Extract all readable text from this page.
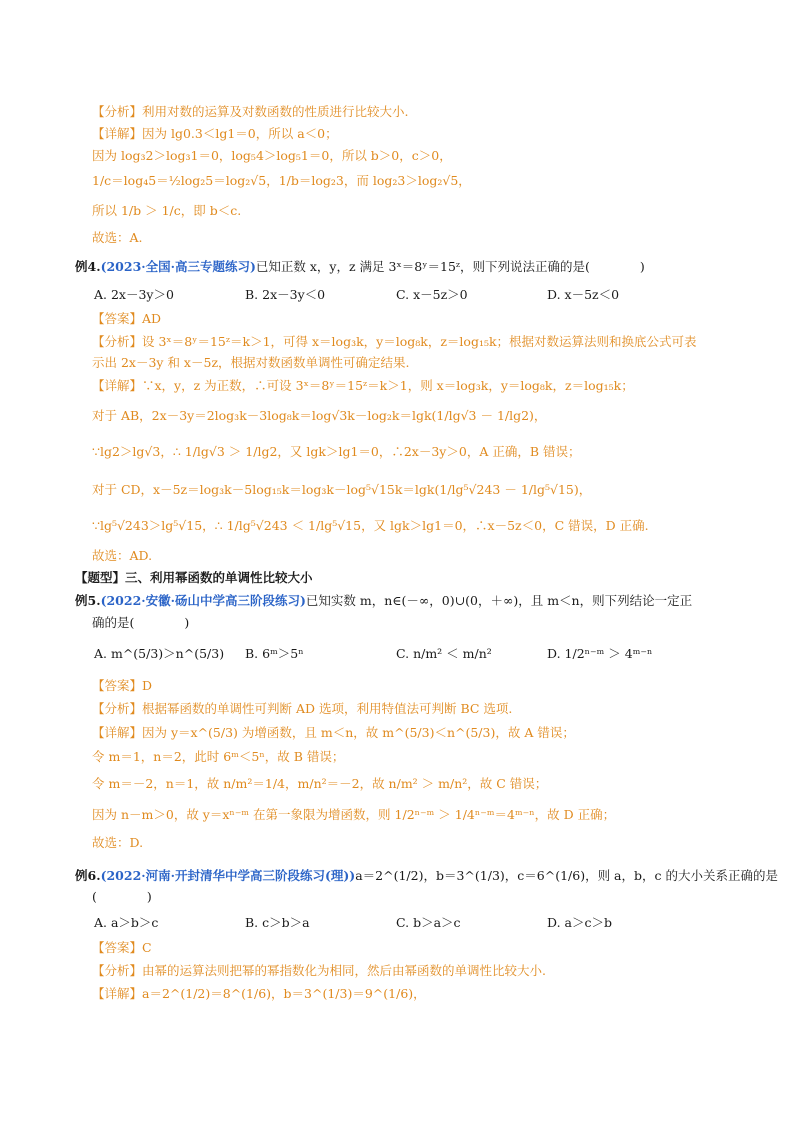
【分析】利用对数的运算及对数函数的性质进行比较大小.
【详解】因为 lg0.3＜lg1＝0，所以 a＜0；
因为 log₃2＞log₃1＝0，log₅4＞log₅1＝0，所以 b＞0，c＞0，
1/c＝log₄5＝½log₂5＝log₂√5，1/b＝log₂3，而 log₂3＞log₂√5，
所以 1/b ＞ 1/c，即 b＜c.
故选：A.
例4.(2023·全国·高三专题练习)已知正数 x，y，z 满足 3ˣ＝8ʸ＝15ᶻ，则下列说法正确的是(　　　　)
A. 2x－3y＞0	B. 2x－3y＜0	C. x－5z＞0	D. x－5z＜0
【答案】AD
【分析】设 3ˣ＝8ʸ＝15ᶻ＝k＞1，可得 x＝log₃k，y＝log₈k，z＝log₁₅k；根据对数运算法则和换底公式可表
示出 2x－3y 和 x－5z，根据对数函数单调性可确定结果.
【详解】∵x，y，z 为正数，∴可设 3ˣ＝8ʸ＝15ᶻ＝k＞1，则 x＝log₃k，y＝log₈k，z＝log₁₅k；
对于 AB，2x－3y＝2log₃k－3log₈k＝log√3k－log₂k＝lgk(1/lg√3 － 1/lg2)，
∵lg2＞lg√3，∴ 1/lg√3 ＞ 1/lg2，又 lgk＞lg1＝0，∴2x－3y＞0，A 正确，B 错误；
对于 CD，x－5z＝log₃k－5log₁₅k＝log₃k－log⁵√15k＝lgk(1/lg⁵√243 － 1/lg⁵√15)，
∵lg⁵√243＞lg⁵√15，∴ 1/lg⁵√243 ＜ 1/lg⁵√15，又 lgk＞lg1＝0，∴x－5z＜0，C 错误，D 正确.
故选：AD.
【题型】三、利用幂函数的单调性比较大小
例5.(2022·安徽·砀山中学高三阶段练习)已知实数 m，n∈(－∞，0)∪(0，＋∞)，且 m＜n，则下列结论一定正
确的是(　　　　)
A. m^(5/3)＞n^(5/3) B. 6ᵐ＞5ⁿ	C. n/m² ＜ m/n²	D. 1/2ⁿ⁻ᵐ ＞ 4ᵐ⁻ⁿ
【答案】D
【分析】根据幂函数的单调性可判断 AD 选项，利用特值法可判断 BC 选项.
【详解】因为 y＝x^(5/3) 为增函数，且 m＜n，故 m^(5/3)＜n^(5/3)，故 A 错误；
令 m＝1，n＝2，此时 6ᵐ＜5ⁿ，故 B 错误；
令 m＝－2，n＝1，故 n/m²＝1/4，m/n²＝－2，故 n/m² ＞ m/n²，故 C 错误；
因为 n－m＞0，故 y＝xⁿ⁻ᵐ 在第一象限为增函数，则 1/2ⁿ⁻ᵐ ＞ 1/4ⁿ⁻ᵐ＝4ᵐ⁻ⁿ，故 D 正确；
故选：D.
例6.(2022·河南·开封清华中学高三阶段练习(理))a＝2^(1/2)，b＝3^(1/3)，c＝6^(1/6)，则 a，b，c 的大小关系正确的是
(　　　　)
A. a＞b＞c	B. c＞b＞a	C. b＞a＞c	D. a＞c＞b
【答案】C
【分析】由幂的运算法则把幂的幂指数化为相同，然后由幂函数的单调性比较大小.
【详解】a＝2^(1/2)＝8^(1/6)，b＝3^(1/3)＝9^(1/6)，
